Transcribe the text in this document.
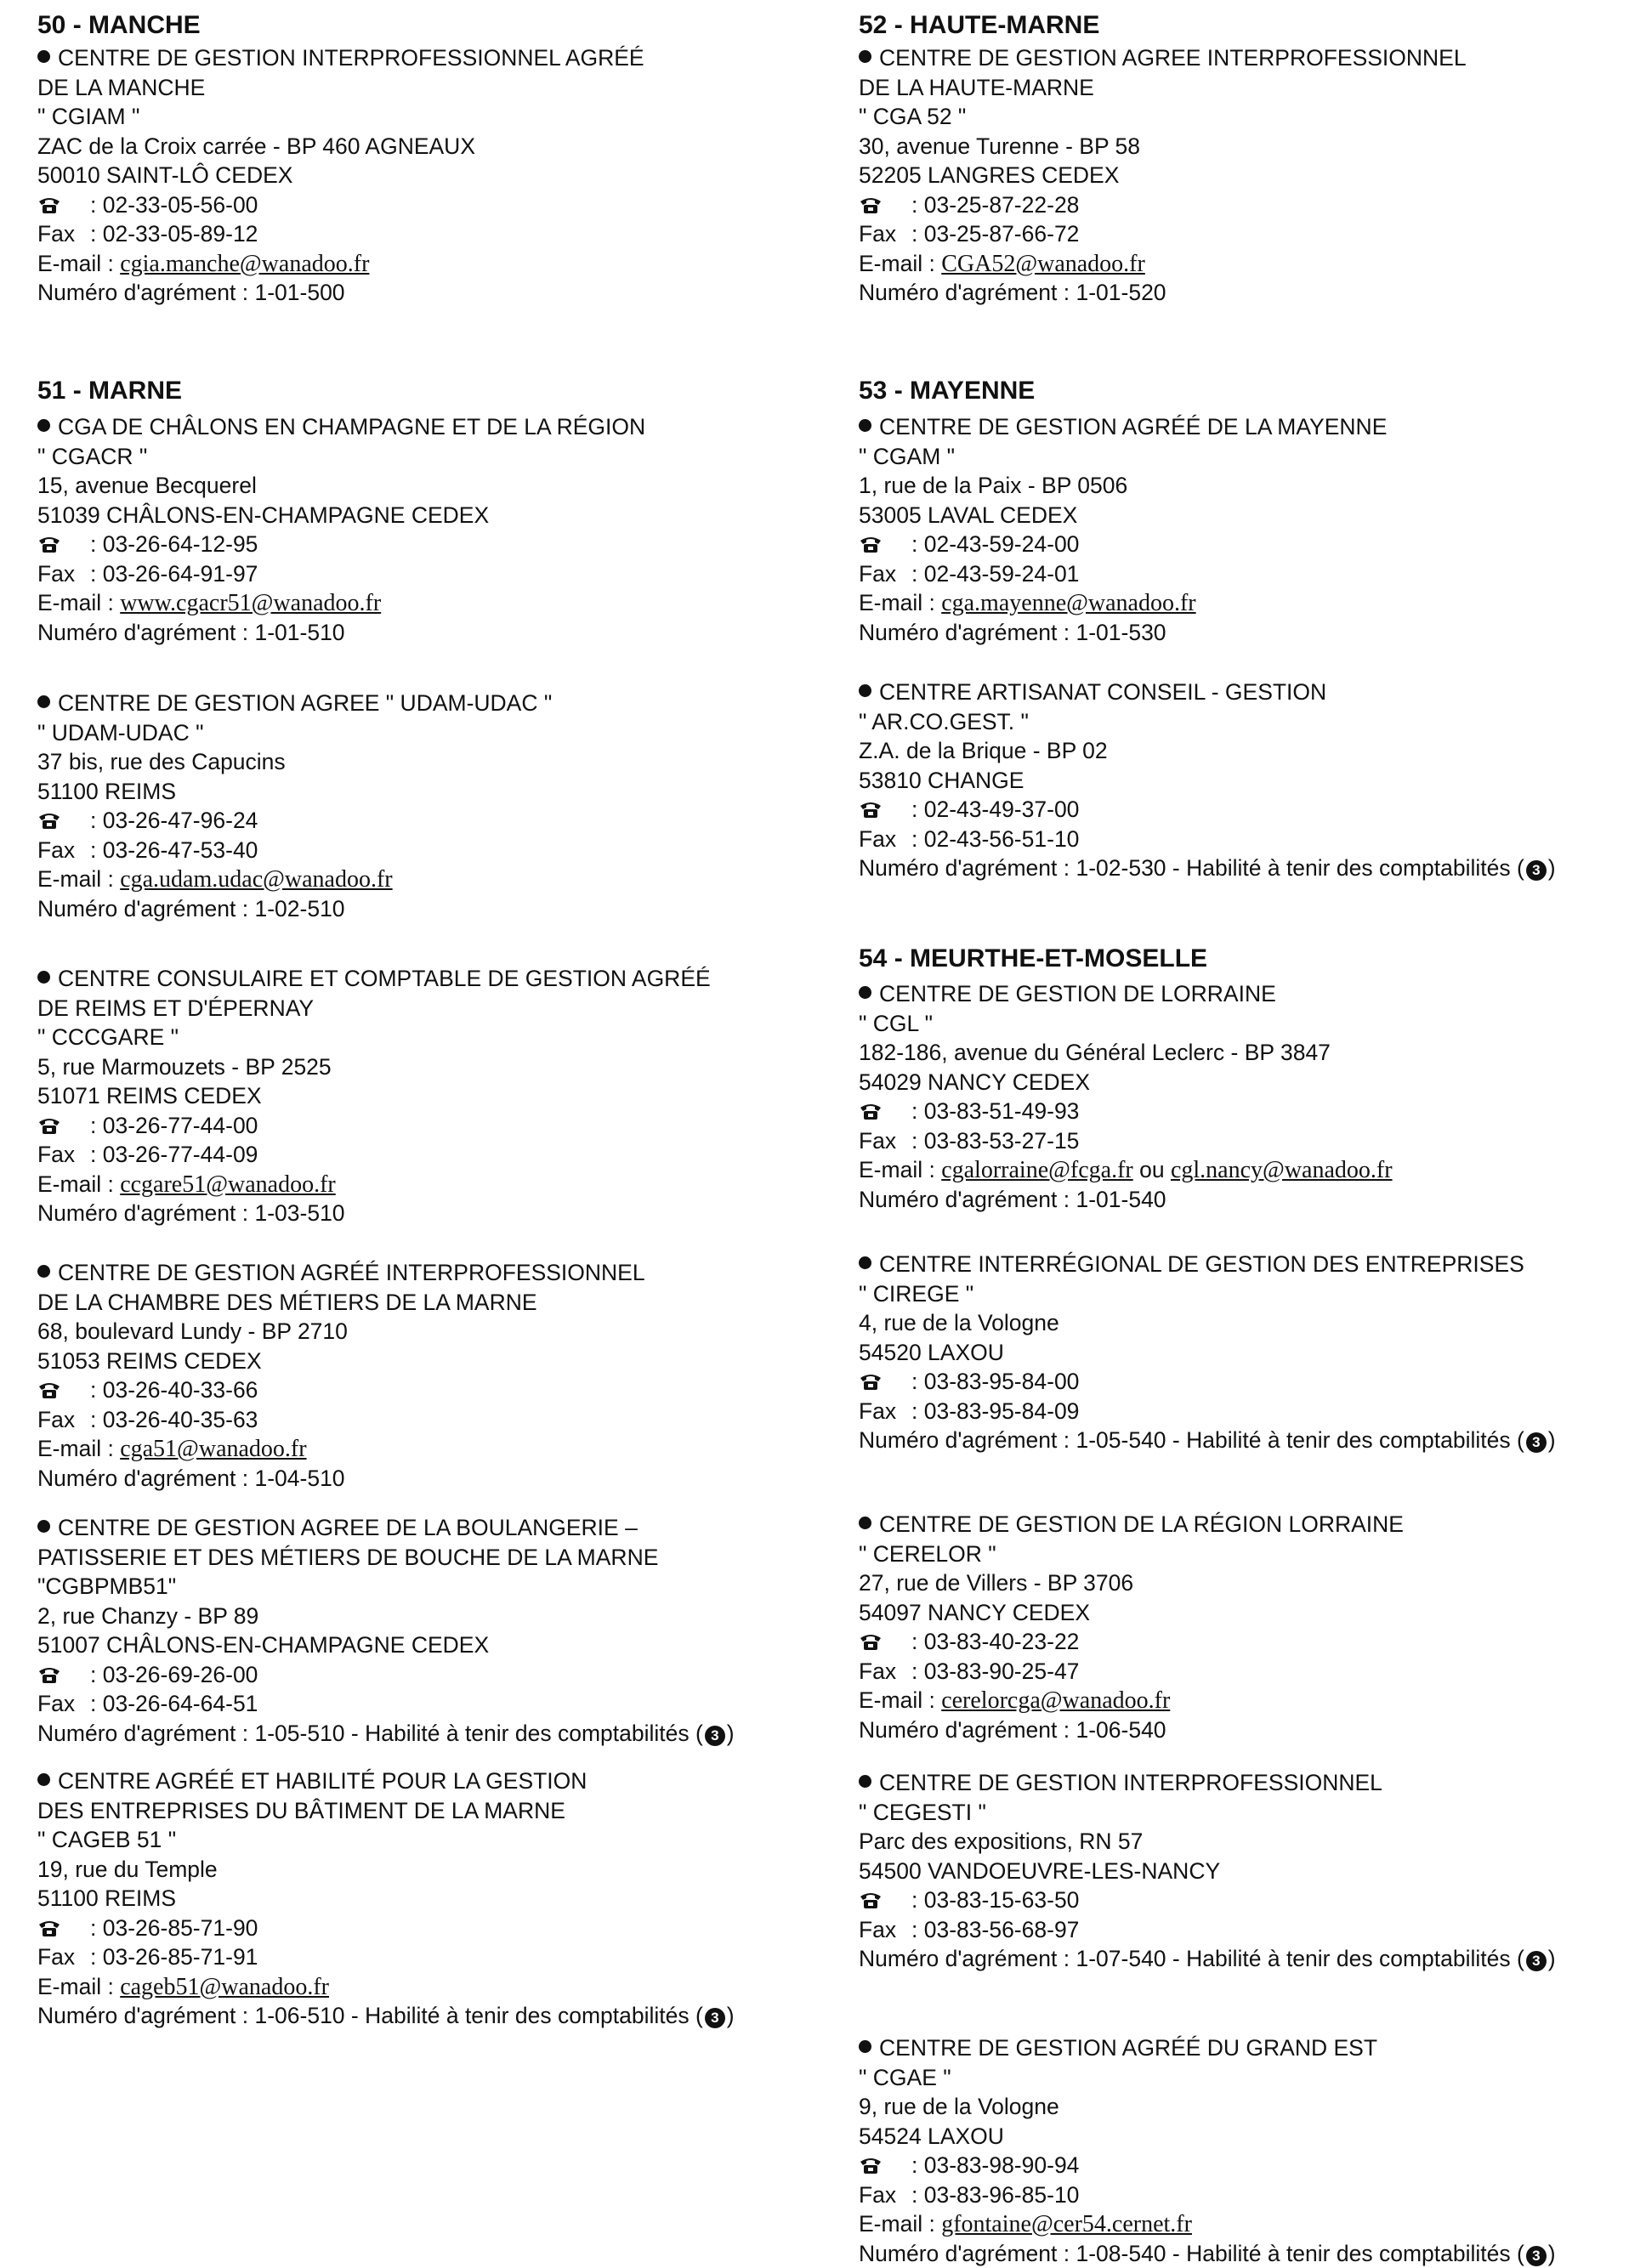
50 - MANCHE
CENTRE DE GESTION INTERPROFESSIONNEL AGRÉÉ
DE LA MANCHE
" CGIAM "
ZAC de la Croix carrée - BP 460 AGNEAUX
50010 SAINT-LÔ CEDEX
: 02-33-05-56-00
Fax : 02-33-05-89-12
E-mail : cgia.manche@wanadoo.fr
Numéro d'agrément : 1-01-500
51 - MARNE
CGA DE CHÂLONS EN CHAMPAGNE ET DE LA RÉGION
" CGACR "
15, avenue Becquerel
51039 CHÂLONS-EN-CHAMPAGNE CEDEX
: 03-26-64-12-95
Fax : 03-26-64-91-97
E-mail : www.cgacr51@wanadoo.fr
Numéro d'agrément : 1-01-510
CENTRE DE GESTION AGREE " UDAM-UDAC "
" UDAM-UDAC "
37 bis, rue des Capucins
51100 REIMS
: 03-26-47-96-24
Fax : 03-26-47-53-40
E-mail : cga.udam.udac@wanadoo.fr
Numéro d'agrément : 1-02-510
CENTRE CONSULAIRE ET COMPTABLE DE GESTION AGRÉÉ
DE REIMS ET D'ÉPERNAY
" CCCGARE "
5, rue Marmouzets - BP 2525
51071 REIMS CEDEX
: 03-26-77-44-00
Fax : 03-26-77-44-09
E-mail : ccgare51@wanadoo.fr
Numéro d'agrément : 1-03-510
CENTRE DE GESTION AGRÉÉ INTERPROFESSIONNEL
DE LA CHAMBRE DES MÉTIERS DE LA MARNE
68, boulevard Lundy - BP 2710
51053 REIMS CEDEX
: 03-26-40-33-66
Fax : 03-26-40-35-63
E-mail : cga51@wanadoo.fr
Numéro d'agrément : 1-04-510
CENTRE DE GESTION AGREE DE LA BOULANGERIE –
PATISSERIE ET DES MÉTIERS DE BOUCHE DE LA MARNE
"CGBPMB51"
2, rue Chanzy - BP 89
51007 CHÂLONS-EN-CHAMPAGNE CEDEX
: 03-26-69-26-00
Fax : 03-26-64-64-51
Numéro d'agrément : 1-05-510 - Habilité à tenir des comptabilités ( 3 )
CENTRE AGRÉÉ ET HABILITÉ POUR LA GESTION
DES ENTREPRISES DU BÂTIMENT DE LA MARNE
" CAGEB 51 "
19, rue du Temple
51100 REIMS
: 03-26-85-71-90
Fax : 03-26-85-71-91
E-mail : cageb51@wanadoo.fr
Numéro d'agrément : 1-06-510 - Habilité à tenir des comptabilités ( 3 )
52 - HAUTE-MARNE
CENTRE DE GESTION AGREE INTERPROFESSIONNEL
DE LA HAUTE-MARNE
" CGA 52 "
30, avenue Turenne - BP 58
52205 LANGRES CEDEX
: 03-25-87-22-28
Fax : 03-25-87-66-72
E-mail : CGA52@wanadoo.fr
Numéro d'agrément : 1-01-520
53 - MAYENNE
CENTRE DE GESTION AGRÉÉ DE LA MAYENNE
" CGAM "
1, rue de la Paix - BP 0506
53005 LAVAL CEDEX
: 02-43-59-24-00
Fax : 02-43-59-24-01
E-mail : cga.mayenne@wanadoo.fr
Numéro d'agrément : 1-01-530
CENTRE ARTISANAT CONSEIL - GESTION
" AR.CO.GEST. "
Z.A. de la Brique - BP 02
53810 CHANGE
: 02-43-49-37-00
Fax : 02-43-56-51-10
Numéro d'agrément : 1-02-530 - Habilité à tenir des comptabilités ( 3 )
54 - MEURTHE-ET-MOSELLE
CENTRE DE GESTION DE LORRAINE
" CGL "
182-186, avenue du Général Leclerc - BP 3847
54029 NANCY CEDEX
: 03-83-51-49-93
Fax : 03-83-53-27-15
E-mail : cgalorraine@fcga.fr ou cgl.nancy@wanadoo.fr
Numéro d'agrément : 1-01-540
CENTRE INTERRÉGIONAL DE GESTION DES ENTREPRISES
" CIREGE "
4, rue de la Vologne
54520 LAXOU
: 03-83-95-84-00
Fax : 03-83-95-84-09
Numéro d'agrément : 1-05-540 - Habilité à tenir des comptabilités ( 3 )
CENTRE DE GESTION DE LA RÉGION LORRAINE
" CERELOR "
27, rue de Villers - BP 3706
54097 NANCY CEDEX
: 03-83-40-23-22
Fax : 03-83-90-25-47
E-mail : cerelorcga@wanadoo.fr
Numéro d'agrément : 1-06-540
CENTRE DE GESTION INTERPROFESSIONNEL
" CEGESTI "
Parc des expositions, RN 57
54500 VANDOEUVRE-LES-NANCY
: 03-83-15-63-50
Fax : 03-83-56-68-97
Numéro d'agrément : 1-07-540 - Habilité à tenir des comptabilités ( 3 )
CENTRE DE GESTION AGRÉÉ DU GRAND EST
" CGAE "
9, rue de la Vologne
54524 LAXOU
: 03-83-98-90-94
Fax : 03-83-96-85-10
E-mail : gfontaine@cer54.cernet.fr
Numéro d'agrément : 1-08-540 - Habilité à tenir des comptabilités ( 3 )
